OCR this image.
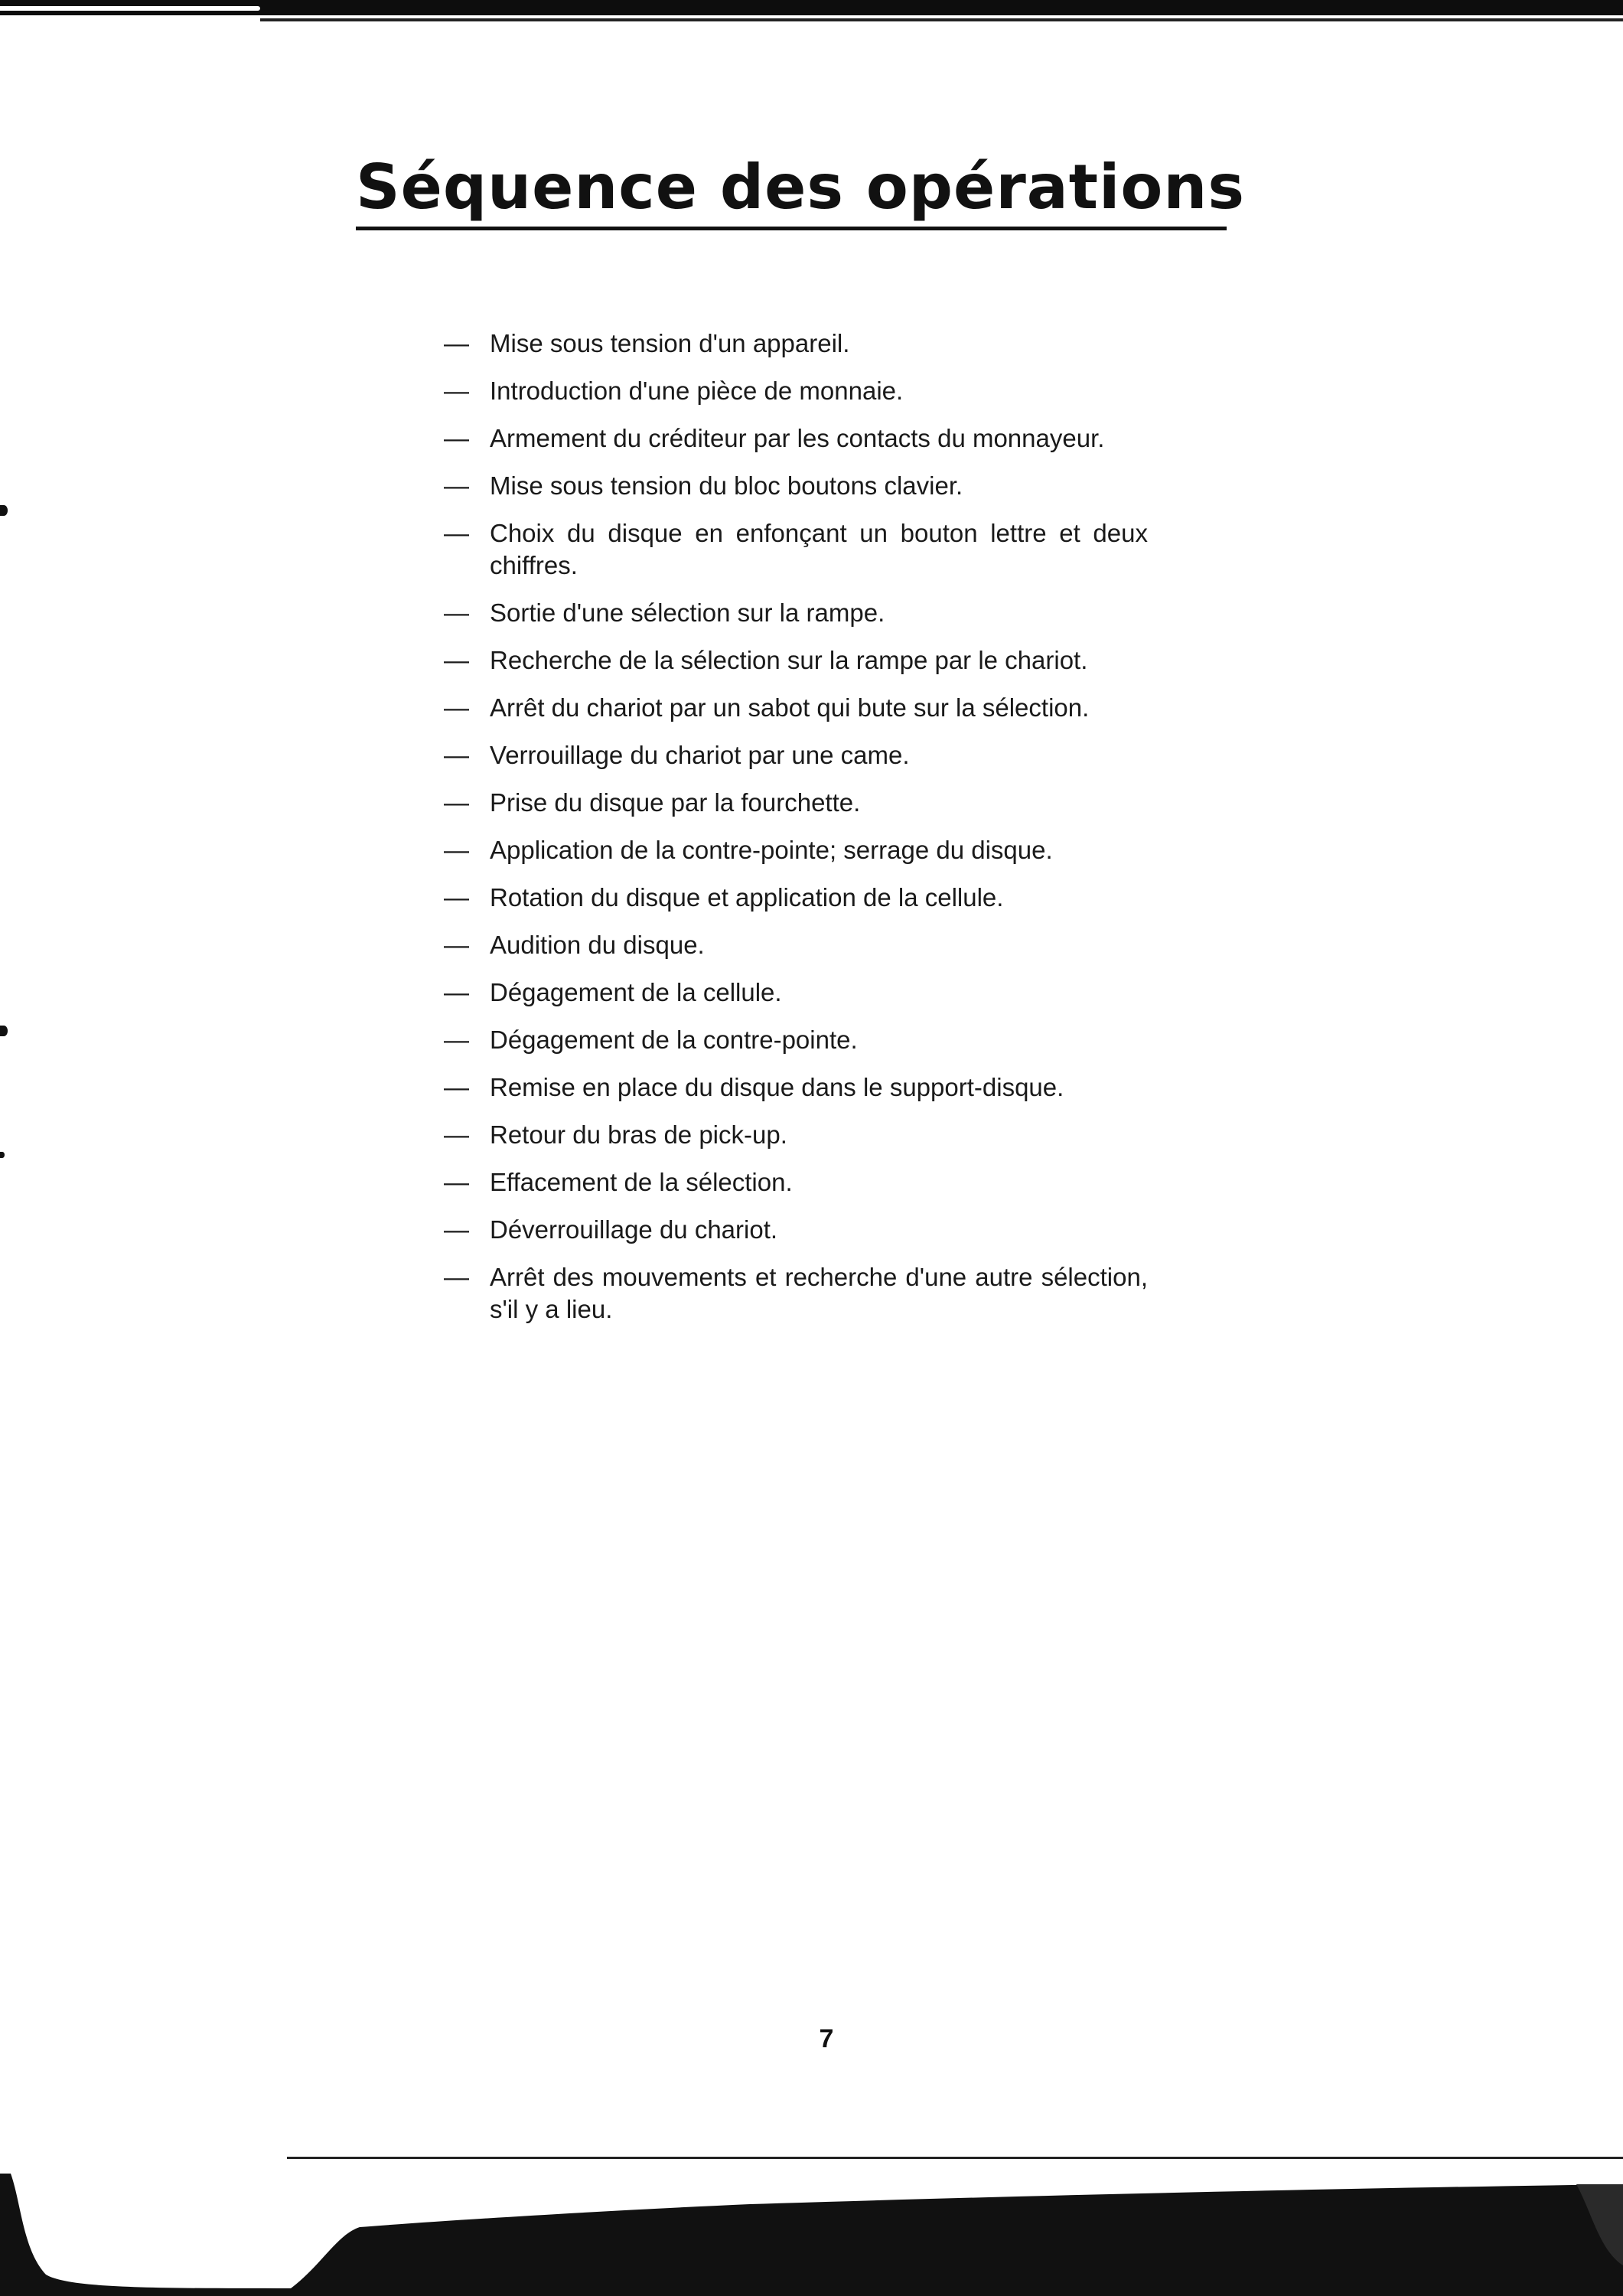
Séquence des opérations
— Mise sous tension d'un appareil.
— Introduction d'une pièce de monnaie.
— Armement du créditeur par les contacts du monnayeur.
— Mise sous tension du bloc boutons clavier.
— Choix du disque en enfonçant un bouton lettre et deux chiffres.
— Sortie d'une sélection sur la rampe.
— Recherche de la sélection sur la rampe par le chariot.
— Arrêt du chariot par un sabot qui bute sur la sélection.
— Verrouillage du chariot par une came.
— Prise du disque par la fourchette.
— Application de la contre-pointe; serrage du disque.
— Rotation du disque et application de la cellule.
— Audition du disque.
— Dégagement de la cellule.
— Dégagement de la contre-pointe.
— Remise en place du disque dans le support-disque.
— Retour du bras de pick-up.
— Effacement de la sélection.
— Déverrouillage du chariot.
— Arrêt des mouvements et recherche d'une autre sélection, s'il y a lieu.
7
